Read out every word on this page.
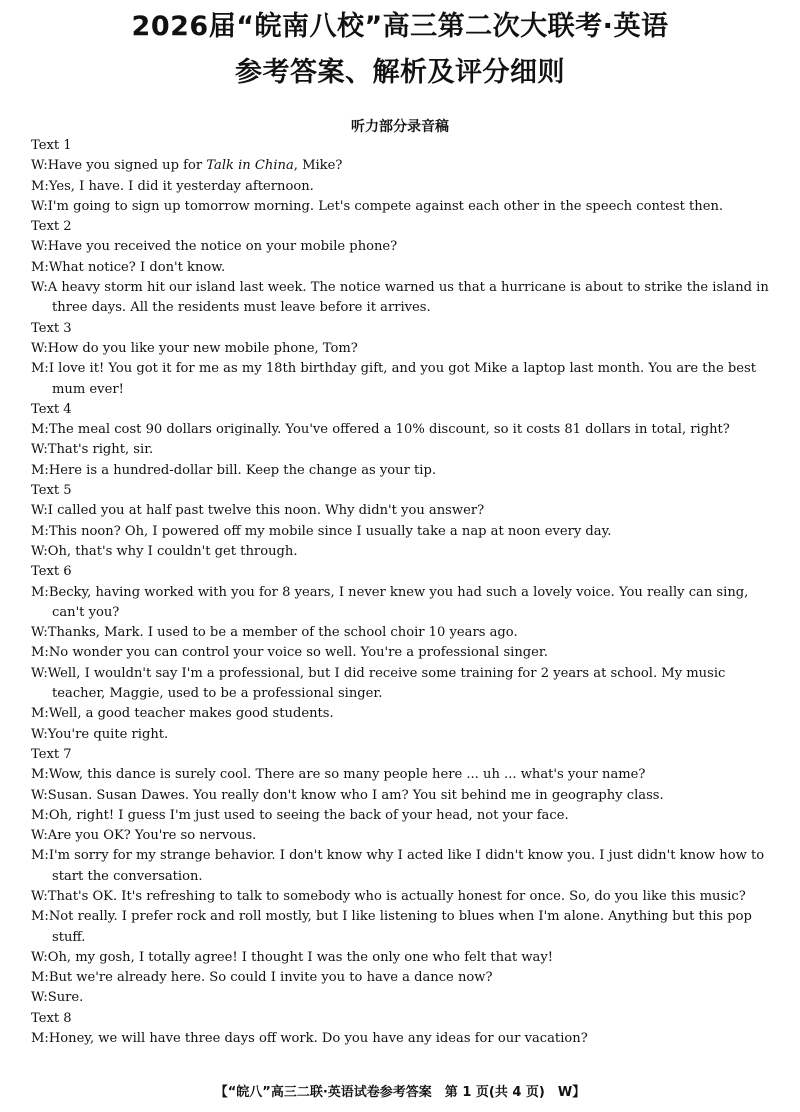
2026届“皖南八校”高三第二次大联考·英语
参考答案、解析及评分细则
听力部分录音稿

Text 1

W:Have you signed up for Talk in China, Mike?

M:Yes, I have. I did it yesterday afternoon.

W:I'm going to sign up tomorrow morning. Let's compete against each other in the speech contest then.

Text 2

W:Have you received the notice on your mobile phone?

M:What notice? I don't know.

W:A heavy storm hit our island last week. The notice warned us that a hurricane is about to strike the island in three days. All the residents must leave before it arrives.

Text 3

W:How do you like your new mobile phone, Tom?

M:I love it! You got it for me as my 18th birthday gift, and you got Mike a laptop last month. You are the best mum ever!

Text 4

M:The meal cost 90 dollars originally. You've offered a 10% discount, so it costs 81 dollars in total, right?

W:That's right, sir.

M:Here is a hundred-dollar bill. Keep the change as your tip.

Text 5

W:I called you at half past twelve this noon. Why didn't you answer?

M:This noon? Oh, I powered off my mobile since I usually take a nap at noon every day.

W:Oh, that's why I couldn't get through.

Text 6

M:Becky, having worked with you for 8 years, I never knew you had such a lovely voice. You really can sing, can't you?

W:Thanks, Mark. I used to be a member of the school choir 10 years ago.

M:No wonder you can control your voice so well. You're a professional singer.

W:Well, I wouldn't say I'm a professional, but I did receive some training for 2 years at school. My music teacher, Maggie, used to be a professional singer.

M:Well, a good teacher makes good students.

W:You're quite right.

Text 7

M:Wow, this dance is surely cool. There are so many people here ... uh ... what's your name?

W:Susan. Susan Dawes. You really don't know who I am? You sit behind me in geography class.

M:Oh, right! I guess I'm just used to seeing the back of your head, not your face.

W:Are you OK? You're so nervous.

M:I'm sorry for my strange behavior. I don't know why I acted like I didn't know you. I just didn't know how to start the conversation.

W:That's OK. It's refreshing to talk to somebody who is actually honest for once. So, do you like this music?

M:Not really. I prefer rock and roll mostly, but I like listening to blues when I'm alone. Anything but this pop stuff.

W:Oh, my gosh, I totally agree! I thought I was the only one who felt that way!

M:But we're already here. So could I invite you to have a dance now?

W:Sure.

Text 8

M:Honey, we will have three days off work. Do you have any ideas for our vacation?

【“皖八”高三二联·英语试卷参考答案　第 1 页(共 4 页)　W】
